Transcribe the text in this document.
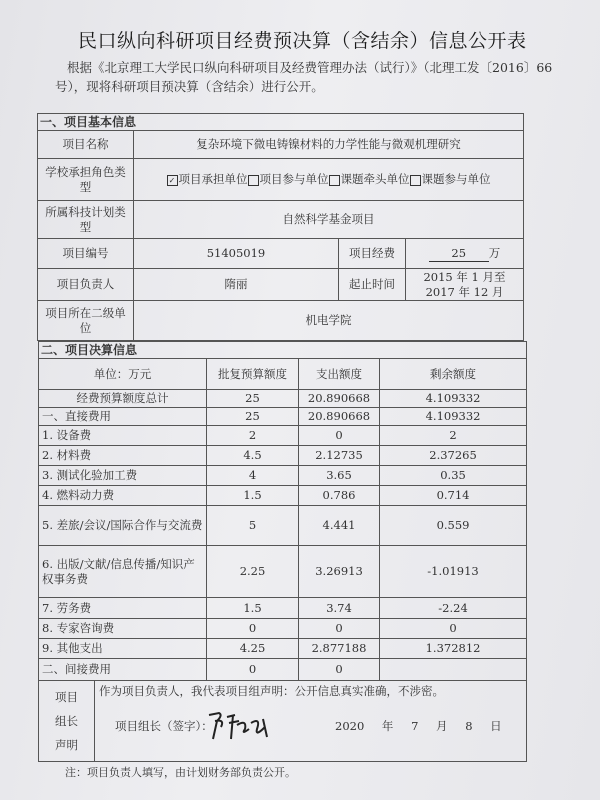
民口纵向科研项目经费预决算（含结余）信息公开表
根据《北京理工大学民口纵向科研项目及经费管理办法（试行）》（北理工发〔2016〕66号），现将科研项目预决算（含结余）进行公开。
一、项目基本信息			
项目名称	复杂环境下微电铸镍材料的力学性能与微观机理研究		
学校承担角色类型	✓ 项目承担单位 项目参与单位 课题牵头单位 课题参与单位		
所属科技计划类型	自然科学基金项目		
项目编号	51405019	项目经费	25 万
项目负责人	隋丽	起止时间	2015 年 1 月至 2017 年 12 月
项目所在二级单位	机电学院		
二、项目决算信息				
单位：万元		批复预算额度	支出额度	剩余额度
经费预算额度总计		25	20.890668	4.109332
一、直接费用		25	20.890668	4.109332
1. 设备费		2	0	2
2. 材料费		4.5	2.12735	2.37265
3. 测试化验加工费		4	3.65	0.35
4. 燃料动力费		1.5	0.786	0.714
5. 差旅/会议/国际合作与交流费		5	4.441	0.559
6. 出版/文献/信息传播/知识产权事务费		2.25	3.26913	-1.01913
7. 劳务费		1.5	3.74	-2.24
8. 专家咨询费		0	0	0
9. 其他支出		4.25	2.877188	1.372812
二、间接费用		0	0	
项目组长声明	作为项目负责人，我代表项目组声明：公开信息真实准确，不涉密。
项目组长（签字）： 2020 年 7 月 8 日			
注：项目负责人填写，由计划财务部负责公开。
